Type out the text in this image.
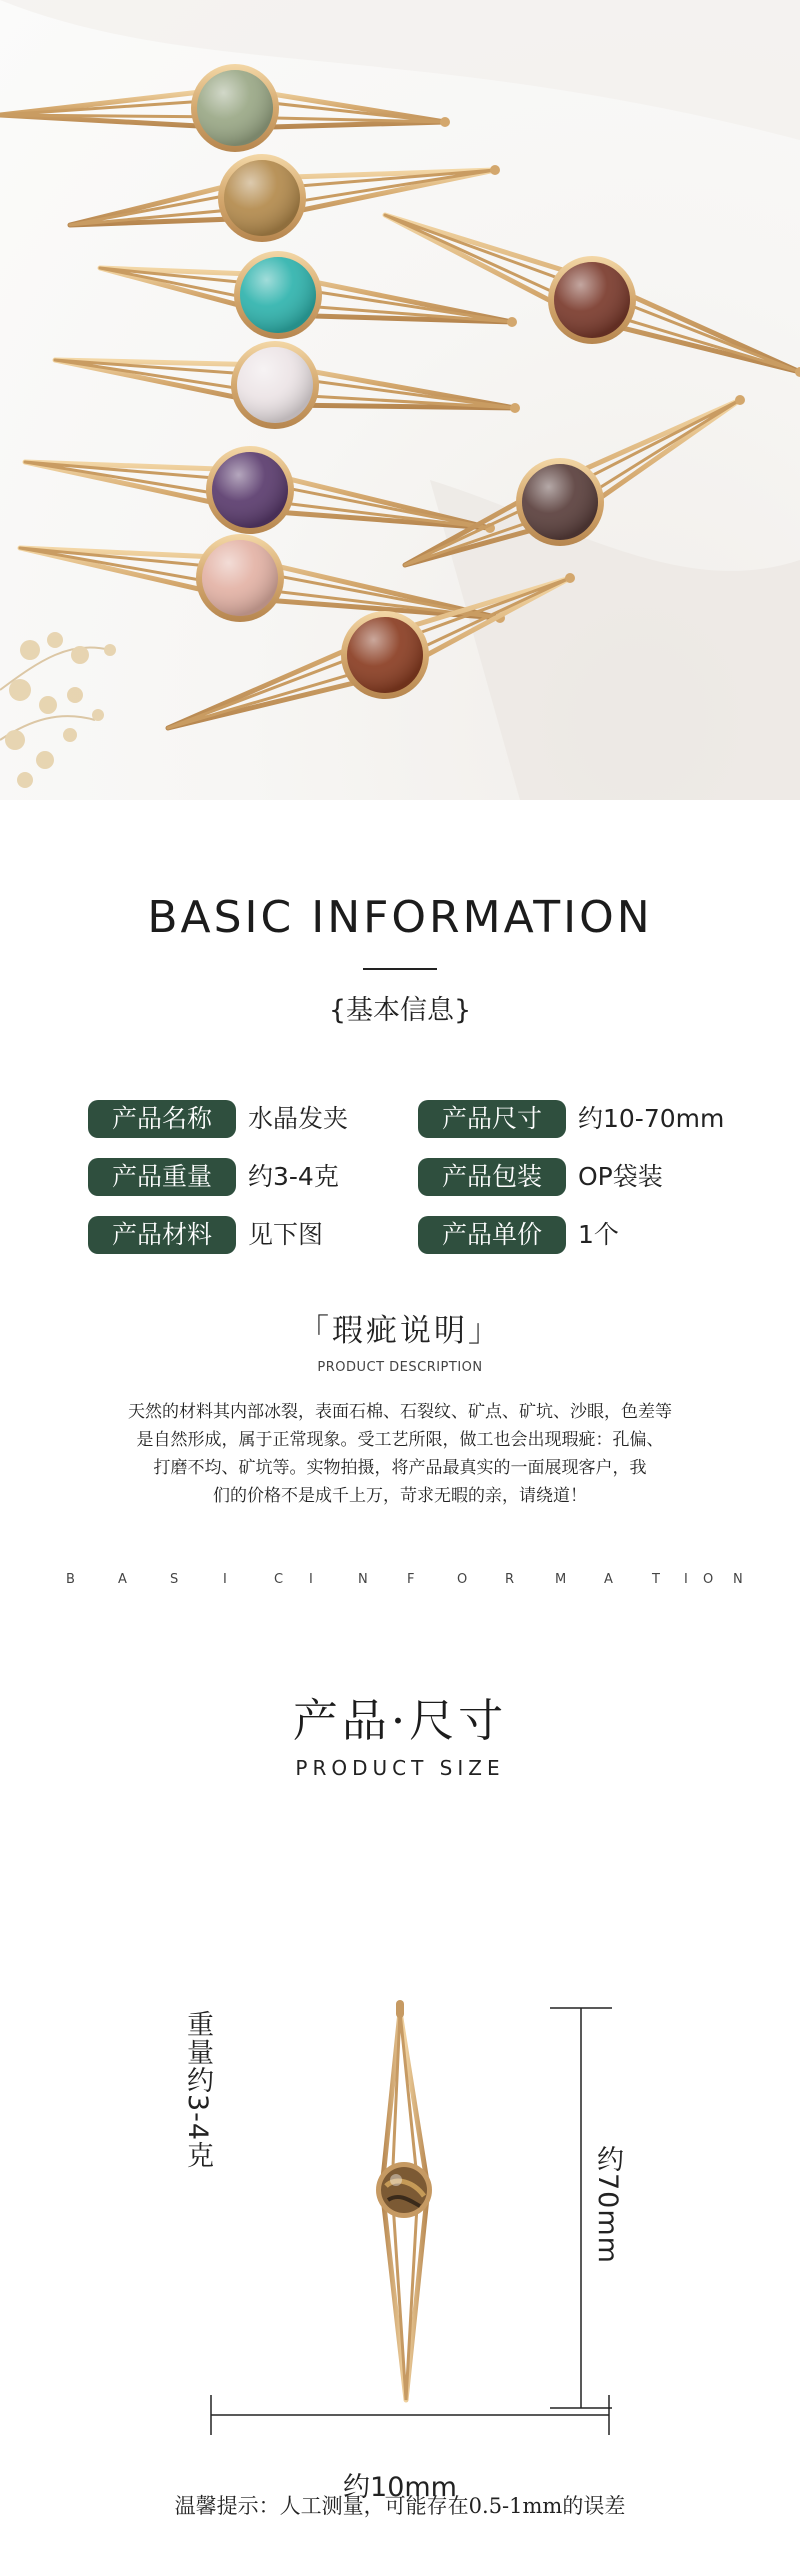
BASIC INFORMATION
{基本信息}
产品名称	水晶发夹	产品尺寸	约10-70mm
产品重量	约3-4克	产品包装	OP袋装
产品材料	见下图	产品单价	1个
「瑕疵说明」
PRODUCT DESCRIPTION
天然的材料其内部冰裂，表面石棉、石裂纹、矿点、矿坑、沙眼，色差等
是自然形成，属于正常现象。受工艺所限，做工也会出现瑕疵：孔偏、
打磨不均、矿坑等。实物拍摄，将产品最真实的一面展现客户，我
们的价格不是成千上万，苛求无暇的亲，请绕道！
B	A	S	I	C I	N	F	O	R	M	A	T I O N
产品·尺寸
PRODUCT SIZE
重量约3-4克
约70mm
约10mm
温馨提示：人工测量，可能存在0.5-1mm的误差
